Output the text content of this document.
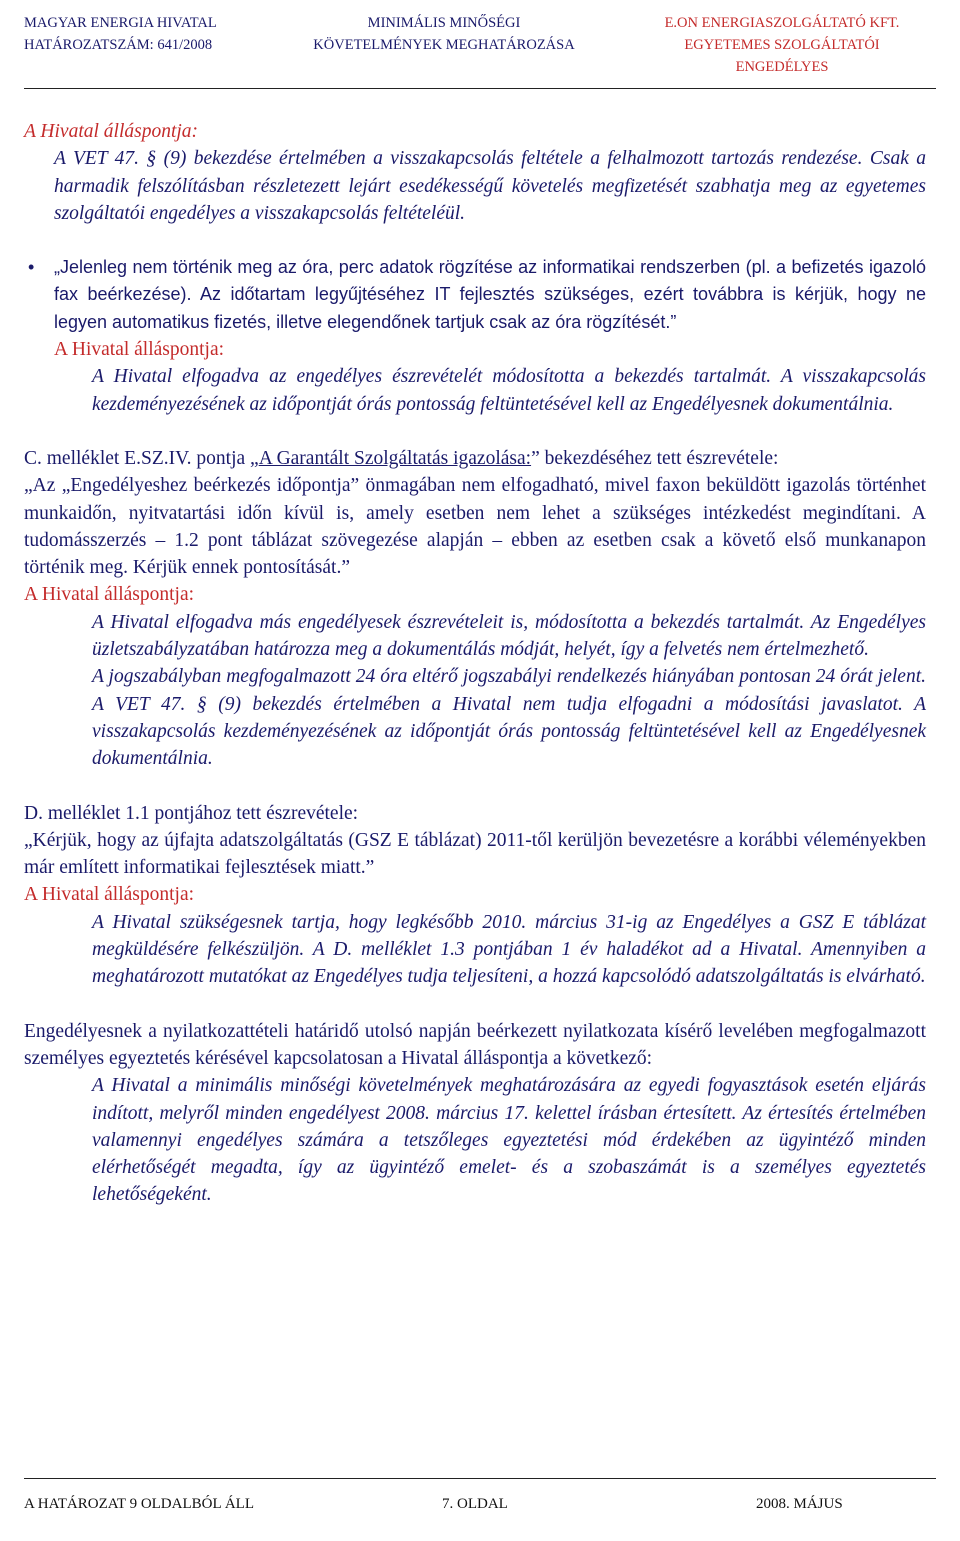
MAGYAR ENERGIA HIVATAL
HATÁROZATSZÁM: 641/2008
MINIMÁLIS MINŐSÉGI
KÖVETELMÉNYEK MEGHATÁROZÁSA
E.ON ENERGIASZOLGÁLTATÓ KFT.
EGYETEMES SZOLGÁLTATÓI
ENGEDÉLYES

A Hivatal álláspontja:

A VET 47. § (9) bekezdése értelmében a visszakapcsolás feltétele a felhalmozott tartozás rendezése. Csak a harmadik felszólításban részletezett lejárt esedékességű követelés megfizetését szabhatja meg az egyetemes szolgáltatói engedélyes a visszakapcsolás feltételéül.

• „Jelenleg nem történik meg az óra, perc adatok rögzítése az informatikai rendszerben (pl. a befizetés igazoló fax beérkezése). Az időtartam legyűjtéséhez IT fejlesztés szükséges, ezért továbbra is kérjük, hogy ne legyen automatikus fizetés, illetve elegendőnek tartjuk csak az óra rögzítését.”

A Hivatal álláspontja:

A Hivatal elfogadva az engedélyes észrevételét módosította a bekezdés tartalmát. A visszakapcsolás kezdeményezésének az időpontját órás pontosság feltüntetésével kell az Engedélyesnek dokumentálnia.

C. melléklet E.SZ.IV. pontja „A Garantált Szolgáltatás igazolása:” bekezdéséhez tett észrevétele:

„Az „Engedélyeshez beérkezés időpontja” önmagában nem elfogadható, mivel faxon beküldött igazolás történhet munkaidőn, nyitvatartási időn kívül is, amely esetben nem lehet a szükséges intézkedést megindítani. A tudomásszerzés – 1.2 pont táblázat szövegezése alapján – ebben az esetben csak a követő első munkanapon történik meg. Kérjük ennek pontosítását.”

A Hivatal álláspontja:

A Hivatal elfogadva más engedélyesek észrevételeit is, módosította a bekezdés tartalmát. Az Engedélyes üzletszabályzatában határozza meg a dokumentálás módját, helyét, így a felvetés nem értelmezhető.

A jogszabályban megfogalmazott 24 óra eltérő jogszabályi rendelkezés hiányában pontosan 24 órát jelent. A VET 47. § (9) bekezdés értelmében a Hivatal nem tudja elfogadni a módosítási javaslatot. A visszakapcsolás kezdeményezésének az időpontját órás pontosság feltüntetésével kell az Engedélyesnek dokumentálnia.

D. melléklet 1.1 pontjához tett észrevétele:

„Kérjük, hogy az újfajta adatszolgáltatás (GSZ E táblázat) 2011-től kerüljön bevezetésre a korábbi véleményekben már említett informatikai fejlesztések miatt.”

A Hivatal álláspontja:

A Hivatal szükségesnek tartja, hogy legkésőbb 2010. március 31-ig az Engedélyes a GSZ E táblázat megküldésére felkészüljön. A D. melléklet 1.3 pontjában 1 év haladékot ad a Hivatal. Amennyiben a meghatározott mutatókat az Engedélyes tudja teljesíteni, a hozzá kapcsolódó adatszolgáltatás is elvárható.

Engedélyesnek a nyilatkozattételi határidő utolsó napján beérkezett nyilatkozata kísérő levelében megfogalmazott személyes egyeztetés kérésével kapcsolatosan a Hivatal álláspontja a következő:

A Hivatal a minimális minőségi követelmények meghatározására az egyedi fogyasztások esetén eljárás indított, melyről minden engedélyest 2008. március 17. kelettel írásban értesített. Az értesítés értelmében valamennyi engedélyes számára a tetszőleges egyeztetési mód érdekében az ügyintéző minden elérhetőségét megadta, így az ügyintéző emelet- és a szobaszámát is a személyes egyeztetés lehetőségeként.

A HATÁROZAT 9 OLDALBÓL ÁLL	7. OLDAL	2008. MÁJUS
